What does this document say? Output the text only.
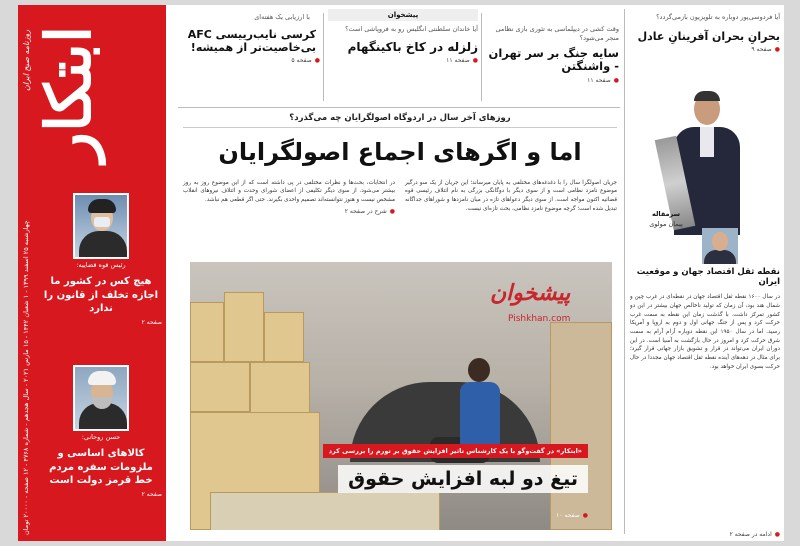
روزنامه صبح ایران ابتکار
چهارشنبه ۲۵ اسفند ۱۳۹۹ - ۱ شعبان ۱۴۴۲ - ۱۵ مارس ۲۰۲۱ - سال هجدهم - شماره ۴۷۶۸ - ۱۲ صفحه - ۲۰۰۰۰ تومان
رئیس قوه قضاییه:
هیچ کس در کشور ما اجازه تخلف از قانون را ندارد
صفحه ۲
حسن روحانی:
کالاهای اساسی و ملزومات سفره مردم خط قرمز دولت است
صفحه ۲
با ارزیابی یک هفته‌ای
کرسی نایب‌رییسی AFC بی‌خاصیت‌تر از همیشه!
● صفحه ۵
پیشخوان
آیا خاندان سلطنتی انگلیس رو به فروپاشی است؟
زلزله در کاخ باکینگهام
● صفحه ۱۱
وقت کشی در دیپلماسی به تئوری بازی نظامی منجر می‌شود؟
سایه جنگ بر سر تهران - واشنگتن
● صفحه ۱۱
روزهای آخر سال در اردوگاه اصولگرایان چه می‌گذرد؟
اما و اگرهای اجماع اصولگرایان
جریان اصولگرا سال را با دغدغه‌های مختلفی به پایان میرساند؛ این جریان از یک سو درگیر موضوع نامزد نظامی است و از سوی دیگر با دوگانگی بزرگی به نام ائتلاف رئیسی قوه قضائیه اکنون مواجه است. از سوی دیگر دعواهای تازه در میان نامزدها و شوراهای جداگانه تبدیل شده است؛ گرچه موضوع نامزد نظامی، بحث تازه‌ای نیست.
در انتخابات، بحث‌ها و نظرات مختلفی در پی داشته است که از این موضوع روز به روز بیشتر می‌شود. از سوی دیگر تکلیفی از اعضای شورای وحدت و ائتلاف نیروهای انقلاب مشخص نیست و هنوز نتوانسته‌اند تصمیم واحدی بگیرند. حتی اگر قطعی هم نباشد.
● شرح در صفحه ۲
پیشخوان
Pishkhan.com
«ابتکار» در گفت‌وگو با یک کارشناس تاثیر افزایش حقوق بر تورم را بررسی کرد
تیغ دو لبه افزایش حقوق
● صفحه ۱۰
آیا فردوسی‌پور دوباره به تلویزیون بازمی‌گردد؟
بحرانِ بحران آفرینانِ عادل
● صفحه ۹
سرمقاله
پیمان مولوی
نقطه ثقل اقتصاد جهان و موقعیت ایران
در سال ۱۶۰۰ نقطه ثقل اقتصاد جهان در نقطه‌ای در غرب چین و شمال هند بود، آن زمان که تولید ناخالص جهان بیشتر در این دو کشور تمرکز داشت. با گذشت زمان این نقطه به سمت غرب حرکت کرد و پس از جنگ جهانی اول و دوم به اروپا و آمریکا رسید. اما در سال ۱۹۵۰ این نقطه دوباره آرام آرام به سمت شرق حرکت کرد و امروز در حال بازگشت به آسیا است. در این دوران ایران می‌تواند در قرار و تشویق بازار جهانی قرار گیرد؛ برای مثال در دهه‌های آینده نقطه ثقل اقتصاد جهان مجددا در حال حرکت بسوی ایران خواهد بود.
● ادامه در صفحه ۲
